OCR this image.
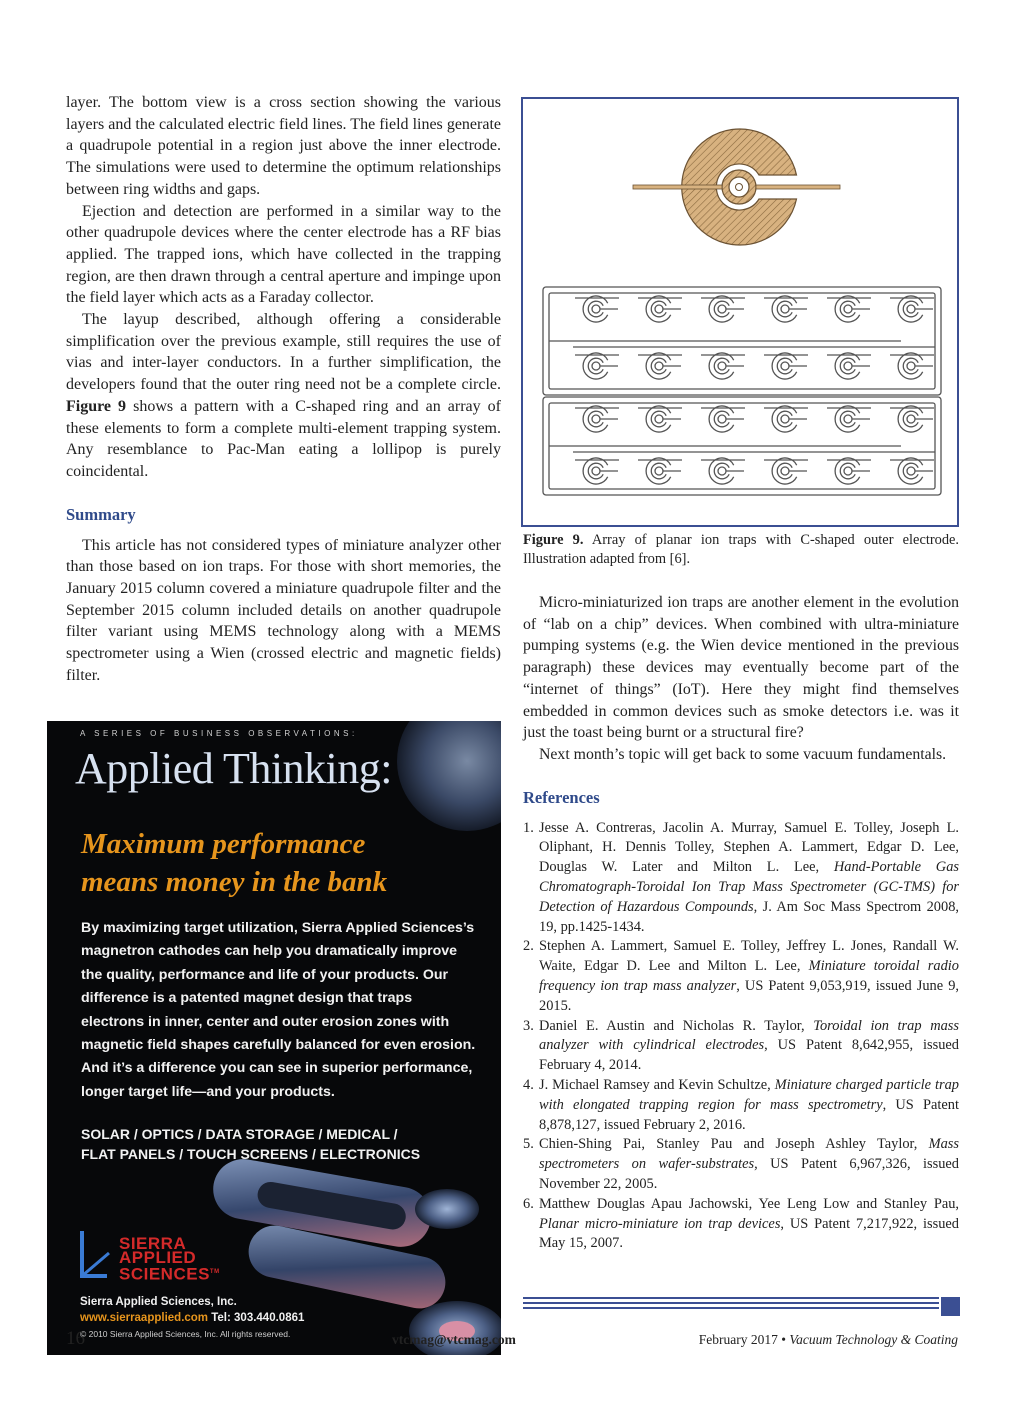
layer. The bottom view is a cross section showing the various layers and the calculated electric field lines. The field lines generate a quadrupole potential in a region just above the inner electrode. The simulations were used to determine the optimum relationships between ring widths and gaps.

Ejection and detection are performed in a similar way to the other quadrupole devices where the center electrode has a RF bias applied. The trapped ions, which have collected in the trapping region, are then drawn through a central aperture and impinge upon the field layer which acts as a Faraday collector.

The layup described, although offering a considerable simplification over the previous example, still requires the use of vias and inter-layer conductors. In a further simplification, the developers found that the outer ring need not be a complete circle. Figure 9 shows a pattern with a C-shaped ring and an array of these elements to form a complete multi-element trapping system. Any resemblance to Pac-Man eating a lollipop is purely coincidental.

Summary

This article has not considered types of miniature analyzer other than those based on ion traps. For those with short memories, the January 2015 column covered a miniature quadrupole filter and the September 2015 column included details on another quadrupole filter variant using MEMS technology along with a MEMS spectrometer using a Wien (crossed electric and magnetic fields) filter.

Figure 9. Array of planar ion traps with C-shaped outer electrode. Illustration adapted from [6].

Micro-miniaturized ion traps are another element in the evolution of “lab on a chip” devices. When combined with ultra-miniature pumping systems (e.g. the Wien device mentioned in the previous paragraph) these devices may eventually become part of the “internet of things” (IoT). Here they might find themselves embedded in common devices such as smoke detectors i.e. was it just the toast being burnt or a structural fire?

Next month’s topic will get back to some vacuum fundamentals.

References
1. Jesse A. Contreras, Jacolin A. Murray, Samuel E. Tolley, Joseph L. Oliphant, H. Dennis Tolley, Stephen A. Lammert, Edgar D. Lee, Douglas W. Later and Milton L. Lee, Hand-Portable Gas Chromatograph-Toroidal Ion Trap Mass Spectrometer (GC-TMS) for Detection of Hazardous Compounds, J. Am Soc Mass Spectrom 2008, 19, pp.1425-1434.
2. Stephen A. Lammert, Samuel E. Tolley, Jeffrey L. Jones, Randall W. Waite, Edgar D. Lee and Milton L. Lee, Miniature toroidal radio frequency ion trap mass analyzer, US Patent 9,053,919, issued June 9, 2015.
3. Daniel E. Austin and Nicholas R. Taylor, Toroidal ion trap mass analyzer with cylindrical electrodes, US Patent 8,642,955, issued February 4, 2014.
4. J. Michael Ramsey and Kevin Schultze, Miniature charged particle trap with elongated trapping region for mass spectrometry, US Patent 8,878,127, issued February 2, 2016.
5. Chien-Shing Pai, Stanley Pau and Joseph Ashley Taylor, Mass spectrometers on wafer-substrates, US Patent 6,967,326, issued November 22, 2005.
6. Matthew Douglas Apau Jachowski, Yee Leng Low and Stanley Pau, Planar micro-miniature ion trap devices, US Patent 7,217,922, issued May 15, 2007.
A SERIES OF BUSINESS OBSERVATIONS:
Applied Thinking:
Maximum performance
means money in the bank
By maximizing target utilization, Sierra Applied Sciences’s magnetron cathodes can help you dramatically improve the quality, performance and life of your products. Our difference is a patented magnet design that traps electrons in inner, center and outer erosion zones with magnetic field shapes carefully balanced for even erosion. And it’s a difference you can see in superior performance, longer target life—and your products.
SOLAR / OPTICS / DATA STORAGE / MEDICAL /
FLAT PANELS / TOUCH SCREENS / ELECTRONICS
SIERRA
APPLIED
SCIENCES™
Sierra Applied Sciences, Inc.
www.sierraapplied.com Tel: 303.440.0861
© 2010 Sierra Applied Sciences, Inc. All rights reserved.
16	vtcmag@vtcmag.com	February 2017 • Vacuum Technology & Coating
